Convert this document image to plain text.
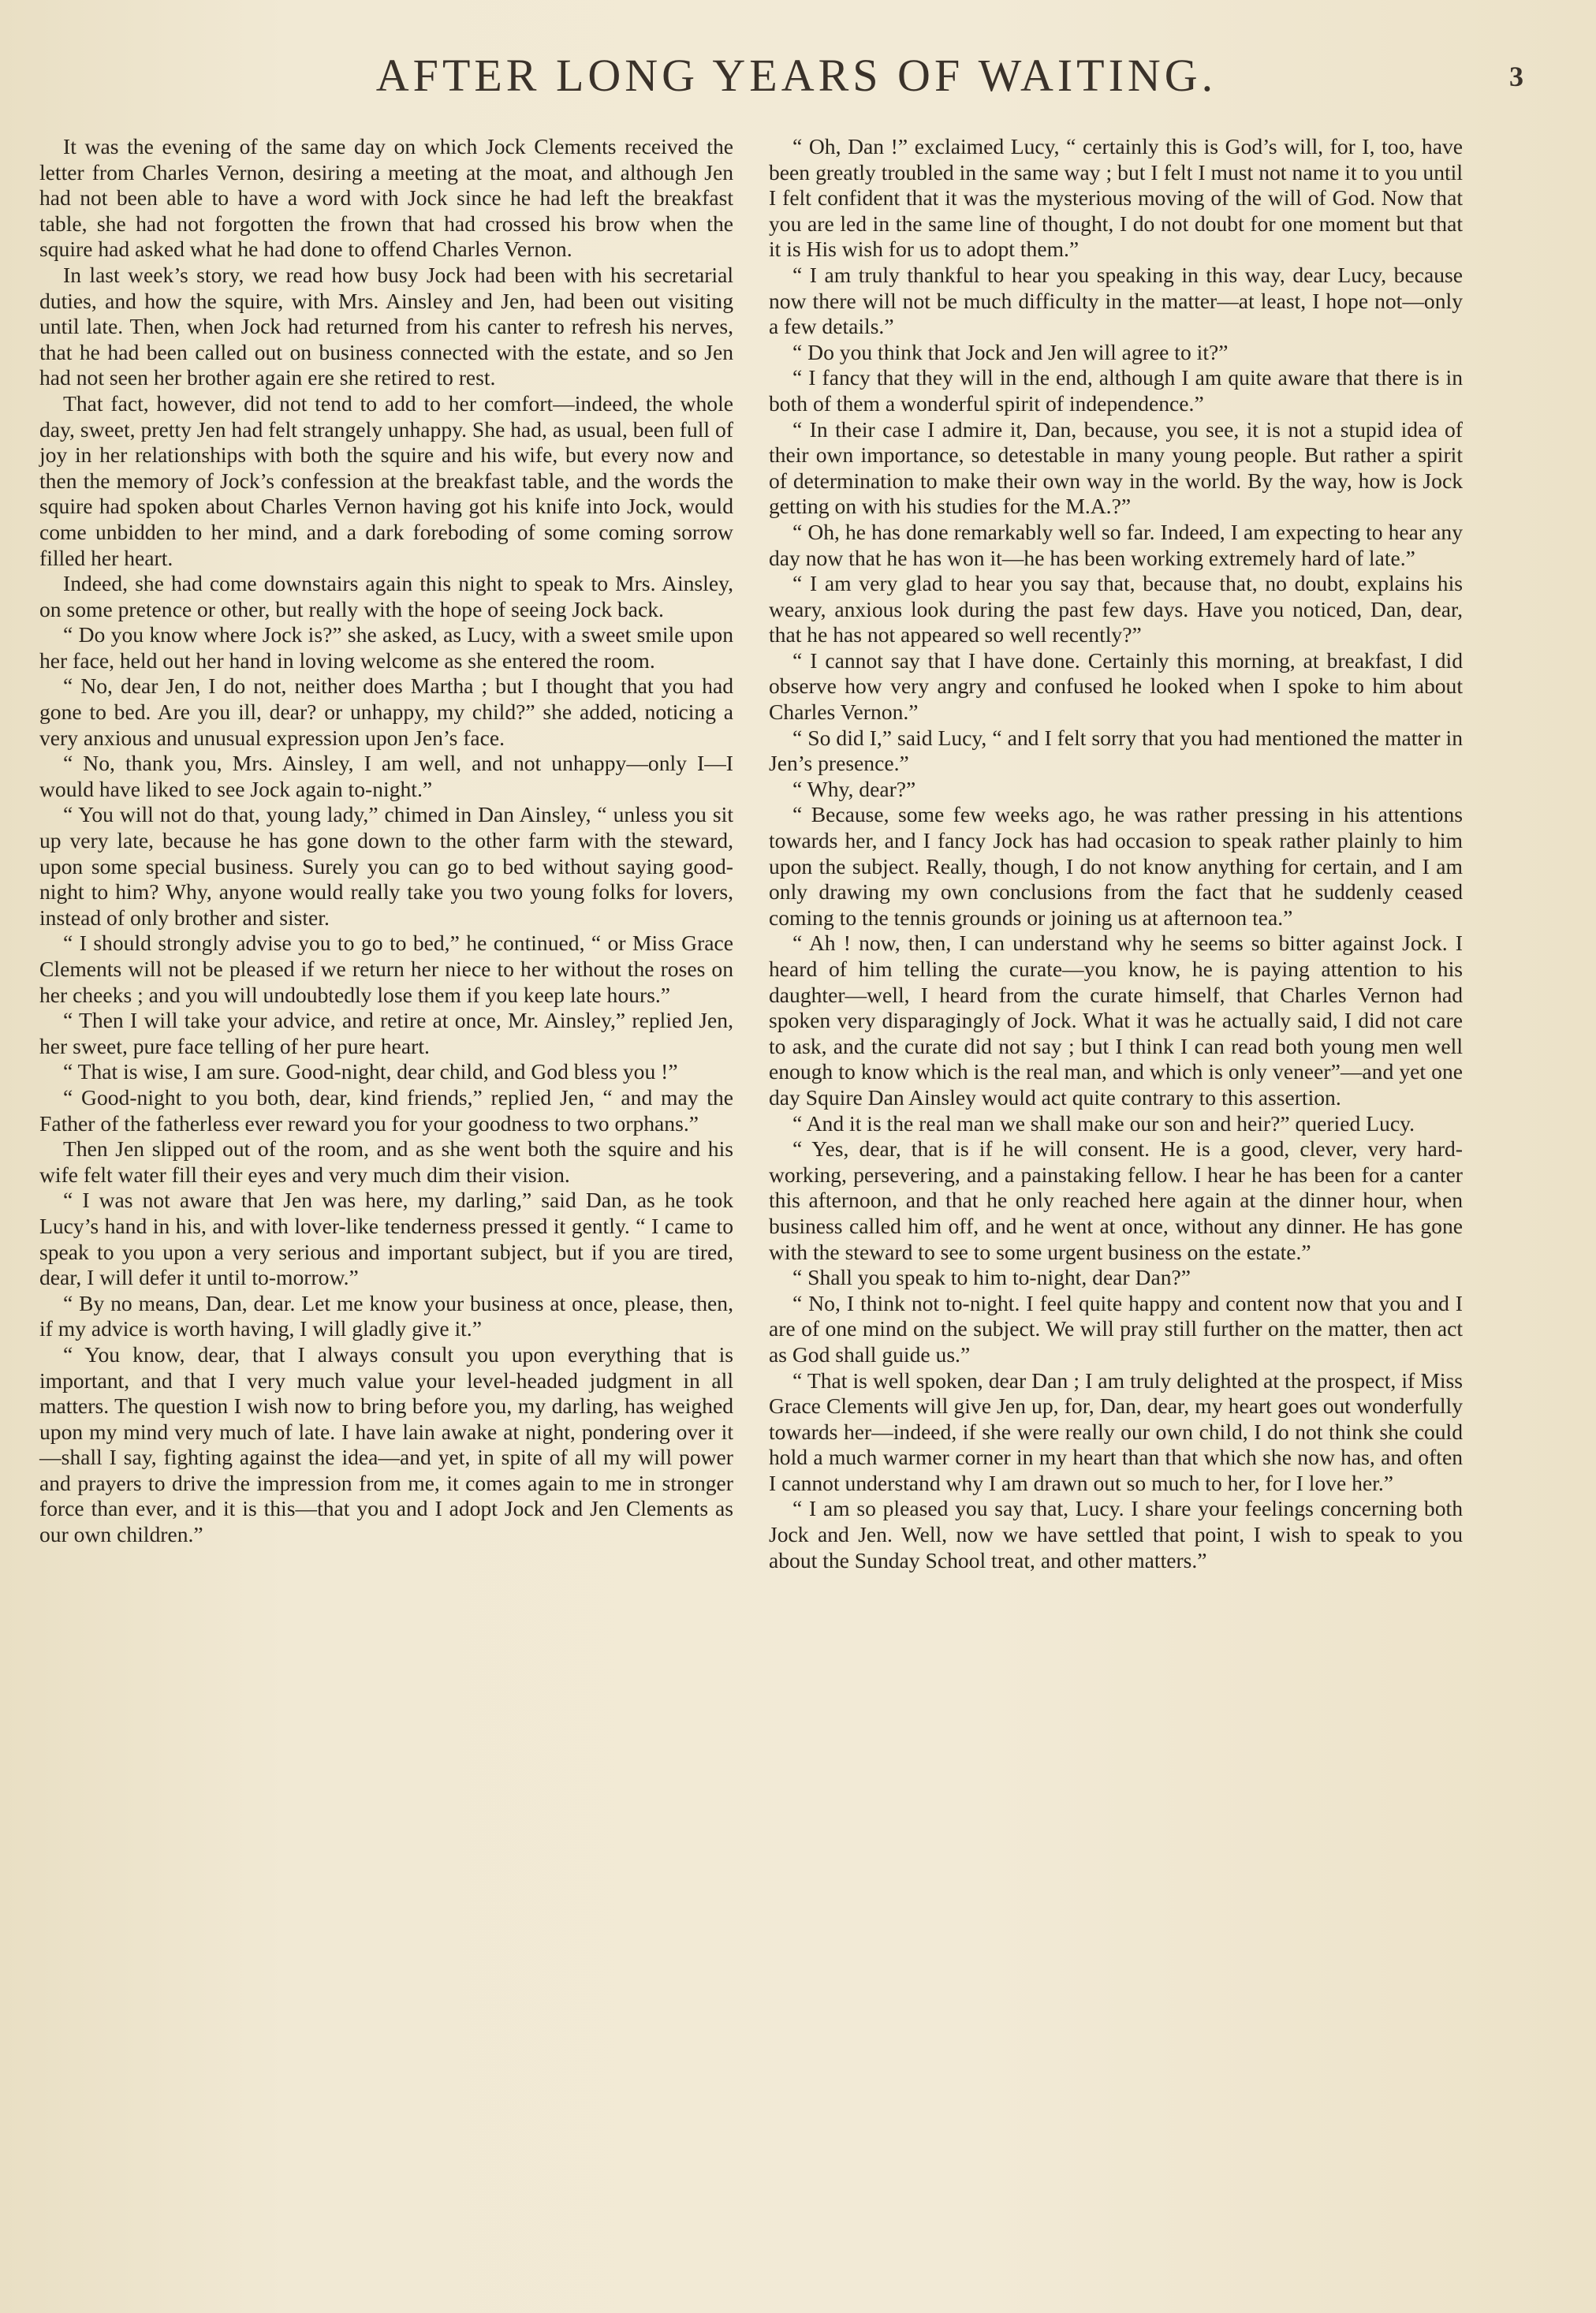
AFTER LONG YEARS OF WAITING.	3

It was the evening of the same day on which Jock Clements received the letter from Charles Vernon, desiring a meeting at the moat, and although Jen had not been able to have a word with Jock since he had left the breakfast table, she had not forgotten the frown that had crossed his brow when the squire had asked what he had done to offend Charles Vernon.

In last week’s story, we read how busy Jock had been with his secretarial duties, and how the squire, with Mrs. Ainsley and Jen, had been out visiting until late. Then, when Jock had returned from his canter to refresh his nerves, that he had been called out on business connected with the estate, and so Jen had not seen her brother again ere she retired to rest.

That fact, however, did not tend to add to her comfort—indeed, the whole day, sweet, pretty Jen had felt strangely unhappy. She had, as usual, been full of joy in her relationships with both the squire and his wife, but every now and then the memory of Jock’s confession at the breakfast table, and the words the squire had spoken about Charles Vernon having got his knife into Jock, would come unbidden to her mind, and a dark foreboding of some coming sorrow filled her heart.

Indeed, she had come downstairs again this night to speak to Mrs. Ainsley, on some pretence or other, but really with the hope of seeing Jock back.

“ Do you know where Jock is?” she asked, as Lucy, with a sweet smile upon her face, held out her hand in loving welcome as she entered the room.

“ No, dear Jen, I do not, neither does Martha ; but I thought that you had gone to bed. Are you ill, dear? or unhappy, my child?” she added, noticing a very anxious and unusual expression upon Jen’s face.

“ No, thank you, Mrs. Ainsley, I am well, and not unhappy—only I—I would have liked to see Jock again to-night.”

“ You will not do that, young lady,” chimed in Dan Ainsley, “ unless you sit up very late, because he has gone down to the other farm with the steward, upon some special business. Surely you can go to bed without saying good-night to him? Why, anyone would really take you two young folks for lovers, instead of only brother and sister.

“ I should strongly advise you to go to bed,” he continued, “ or Miss Grace Clements will not be pleased if we return her niece to her without the roses on her cheeks ; and you will undoubtedly lose them if you keep late hours.”

“ Then I will take your advice, and retire at once, Mr. Ainsley,” replied Jen, her sweet, pure face telling of her pure heart.

“ That is wise, I am sure. Good-night, dear child, and God bless you !”

“ Good-night to you both, dear, kind friends,” replied Jen, “ and may the Father of the fatherless ever reward you for your goodness to two orphans.”

Then Jen slipped out of the room, and as she went both the squire and his wife felt water fill their eyes and very much dim their vision.

“ I was not aware that Jen was here, my darling,” said Dan, as he took Lucy’s hand in his, and with lover-like tenderness pressed it gently. “ I came to speak to you upon a very serious and important subject, but if you are tired, dear, I will defer it until to-morrow.”

“ By no means, Dan, dear. Let me know your business at once, please, then, if my advice is worth having, I will gladly give it.”

“ You know, dear, that I always consult you upon everything that is important, and that I very much value your level-headed judgment in all matters. The question I wish now to bring before you, my darling, has weighed upon my mind very much of late. I have lain awake at night, pondering over it—shall I say, fighting against the idea—and yet, in spite of all my will power and prayers to drive the impression from me, it comes again to me in stronger force than ever, and it is this—that you and I adopt Jock and Jen Clements as our own children.”

“ Oh, Dan !” exclaimed Lucy, “ certainly this is God’s will, for I, too, have been greatly troubled in the same way ; but I felt I must not name it to you until I felt confident that it was the mysterious moving of the will of God. Now that you are led in the same line of thought, I do not doubt for one moment but that it is His wish for us to adopt them.”

“ I am truly thankful to hear you speaking in this way, dear Lucy, because now there will not be much difficulty in the matter—at least, I hope not—only a few details.”

“ Do you think that Jock and Jen will agree to it?”

“ I fancy that they will in the end, although I am quite aware that there is in both of them a wonderful spirit of independence.”

“ In their case I admire it, Dan, because, you see, it is not a stupid idea of their own importance, so detestable in many young people. But rather a spirit of determination to make their own way in the world. By the way, how is Jock getting on with his studies for the M.A.?”

“ Oh, he has done remarkably well so far. Indeed, I am expecting to hear any day now that he has won it—he has been working extremely hard of late.”

“ I am very glad to hear you say that, because that, no doubt, explains his weary, anxious look during the past few days. Have you noticed, Dan, dear, that he has not appeared so well recently?”

“ I cannot say that I have done. Certainly this morning, at breakfast, I did observe how very angry and confused he looked when I spoke to him about Charles Vernon.”

“ So did I,” said Lucy, “ and I felt sorry that you had mentioned the matter in Jen’s presence.”

“ Why, dear?”

“ Because, some few weeks ago, he was rather pressing in his attentions towards her, and I fancy Jock has had occasion to speak rather plainly to him upon the subject. Really, though, I do not know anything for certain, and I am only drawing my own conclusions from the fact that he suddenly ceased coming to the tennis grounds or joining us at afternoon tea.”

“ Ah ! now, then, I can understand why he seems so bitter against Jock. I heard of him telling the curate—you know, he is paying attention to his daughter—well, I heard from the curate himself, that Charles Vernon had spoken very disparagingly of Jock. What it was he actually said, I did not care to ask, and the curate did not say ; but I think I can read both young men well enough to know which is the real man, and which is only veneer”—and yet one day Squire Dan Ainsley would act quite contrary to this assertion.

“ And it is the real man we shall make our son and heir?” queried Lucy.

“ Yes, dear, that is if he will consent. He is a good, clever, very hard-working, persevering, and a painstaking fellow. I hear he has been for a canter this afternoon, and that he only reached here again at the dinner hour, when business called him off, and he went at once, without any dinner. He has gone with the steward to see to some urgent business on the estate.”

“ Shall you speak to him to-night, dear Dan?”

“ No, I think not to-night. I feel quite happy and content now that you and I are of one mind on the subject. We will pray still further on the matter, then act as God shall guide us.”

“ That is well spoken, dear Dan ; I am truly delighted at the prospect, if Miss Grace Clements will give Jen up, for, Dan, dear, my heart goes out wonderfully towards her—indeed, if she were really our own child, I do not think she could hold a much warmer corner in my heart than that which she now has, and often I cannot understand why I am drawn out so much to her, for I love her.”

“ I am so pleased you say that, Lucy. I share your feelings concerning both Jock and Jen. Well, now we have settled that point, I wish to speak to you about the Sunday School treat, and other matters.”
